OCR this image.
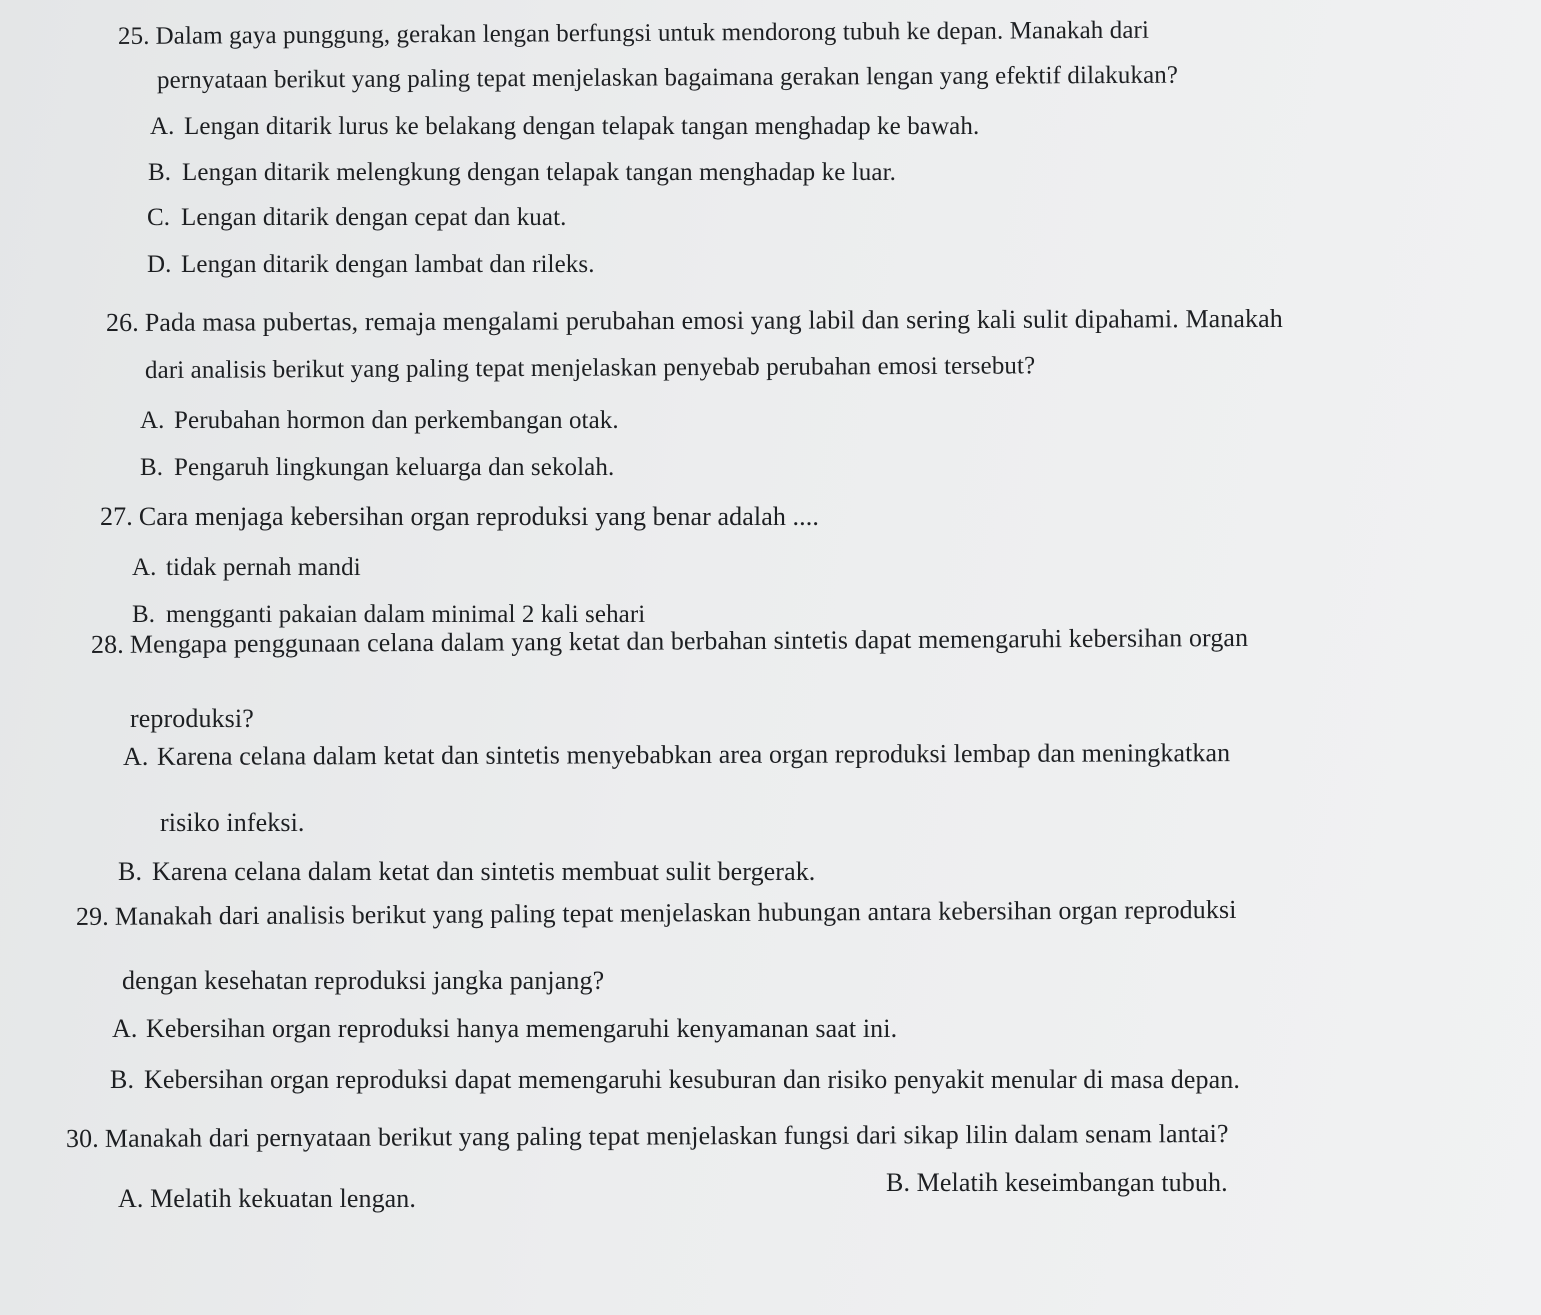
25. Dalam gaya punggung, gerakan lengan berfungsi untuk mendorong tubuh ke depan. Manakah dari
pernyataan berikut yang paling tepat menjelaskan bagaimana gerakan lengan yang efektif dilakukan?
A. Lengan ditarik lurus ke belakang dengan telapak tangan menghadap ke bawah.
B. Lengan ditarik melengkung dengan telapak tangan menghadap ke luar.
C. Lengan ditarik dengan cepat dan kuat.
D. Lengan ditarik dengan lambat dan rileks.
26. Pada masa pubertas, remaja mengalami perubahan emosi yang labil dan sering kali sulit dipahami. Manakah
dari analisis berikut yang paling tepat menjelaskan penyebab perubahan emosi tersebut?
A. Perubahan hormon dan perkembangan otak.
B. Pengaruh lingkungan keluarga dan sekolah.
27. Cara menjaga kebersihan organ reproduksi yang benar adalah ....
A. tidak pernah mandi
B. mengganti pakaian dalam minimal 2 kali sehari
28. Mengapa penggunaan celana dalam yang ketat dan berbahan sintetis dapat memengaruhi kebersihan organ
reproduksi?
A. Karena celana dalam ketat dan sintetis menyebabkan area organ reproduksi lembap dan meningkatkan
risiko infeksi.
B. Karena celana dalam ketat dan sintetis membuat sulit bergerak.
29. Manakah dari analisis berikut yang paling tepat menjelaskan hubungan antara kebersihan organ reproduksi
dengan kesehatan reproduksi jangka panjang?
A. Kebersihan organ reproduksi hanya memengaruhi kenyamanan saat ini.
B. Kebersihan organ reproduksi dapat memengaruhi kesuburan dan risiko penyakit menular di masa depan.
30. Manakah dari pernyataan berikut yang paling tepat menjelaskan fungsi dari sikap lilin dalam senam lantai?
A. Melatih kekuatan lengan.
B. Melatih keseimbangan tubuh.
